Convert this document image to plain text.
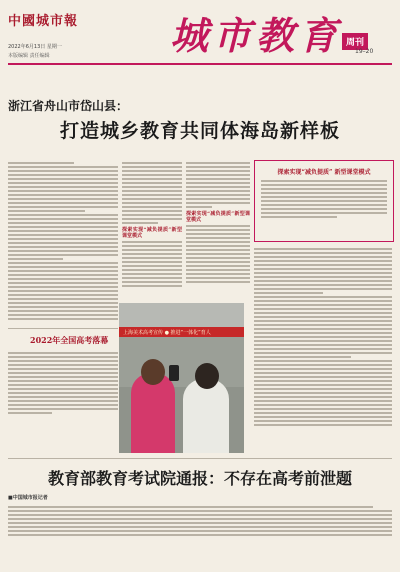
中國城市報
2022年6月13日 星期一
本版编辑 责任编辑	城市教育 周刊
19–20
浙江省舟山市岱山县：
打造城乡教育共同体海岛新样板
探索实现“减负提质”新型课堂模式
探索实现“减负提质”新型课堂模式
探索实现“减负提质” 新型课堂模式
2022年全国高考落幕
上海美术高考宣传 ● 推进“一体化”育人
教育部教育考试院通报：不存在高考前泄题
■中国城市报记者
